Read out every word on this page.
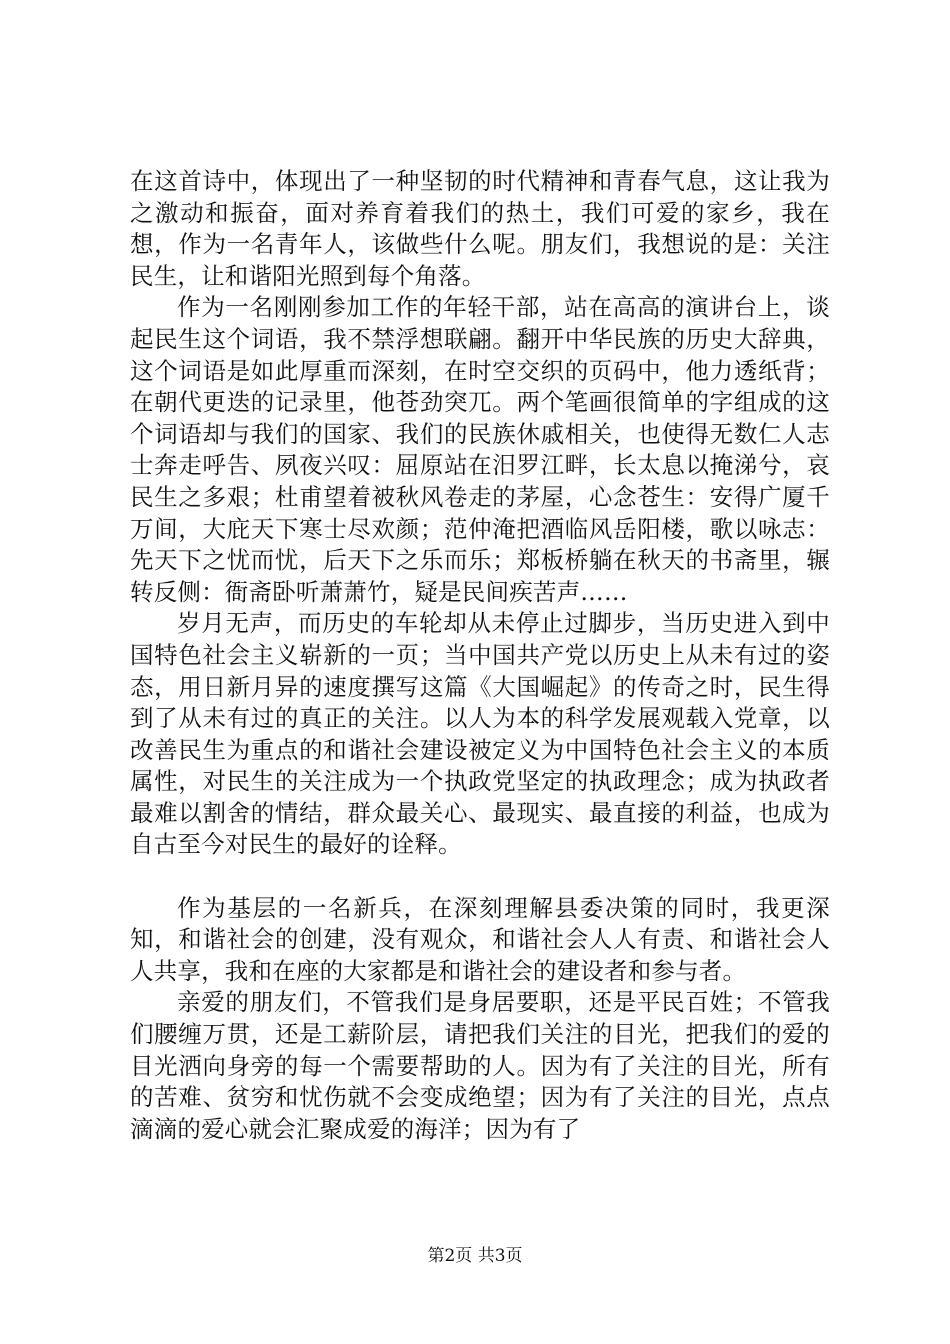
在这首诗中，体现出了一种坚韧的时代精神和青春气息，这让我为之激动和振奋，面对养育着我们的热土，我们可爱的家乡，我在想，作为一名青年人，该做些什么呢。朋友们，我想说的是：关注民生，让和谐阳光照到每个角落。

作为一名刚刚参加工作的年轻干部，站在高高的演讲台上，谈起民生这个词语，我不禁浮想联翩。翻开中华民族的历史大辞典，这个词语是如此厚重而深刻，在时空交织的页码中，他力透纸背；在朝代更迭的记录里，他苍劲突兀。两个笔画很简单的字组成的这个词语却与我们的国家、我们的民族休戚相关，也使得无数仁人志士奔走呼告、夙夜兴叹：屈原站在汨罗江畔，长太息以掩涕兮，哀民生之多艰；杜甫望着被秋风卷走的茅屋，心念苍生：安得广厦千万间，大庇天下寒士尽欢颜；范仲淹把酒临风岳阳楼，歌以咏志：先天下之忧而忧，后天下之乐而乐；郑板桥躺在秋天的书斋里，辗转反侧：衙斋卧听萧萧竹，疑是民间疾苦声……

岁月无声，而历史的车轮却从未停止过脚步，当历史进入到中国特色社会主义崭新的一页；当中国共产党以历史上从未有过的姿态，用日新月异的速度撰写这篇《大国崛起》的传奇之时，民生得到了从未有过的真正的关注。以人为本的科学发展观载入党章，以改善民生为重点的和谐社会建设被定义为中国特色社会主义的本质属性，对民生的关注成为一个执政党坚定的执政理念；成为执政者最难以割舍的情结，群众最关心、最现实、最直接的利益，也成为自古至今对民生的最好的诠释。

作为基层的一名新兵，在深刻理解县委决策的同时，我更深知，和谐社会的创建，没有观众，和谐社会人人有责、和谐社会人人共享，我和在座的大家都是和谐社会的建设者和参与者。

亲爱的朋友们，不管我们是身居要职，还是平民百姓；不管我们腰缠万贯，还是工薪阶层，请把我们关注的目光，把我们的爱的目光洒向身旁的每一个需要帮助的人。因为有了关注的目光，所有的苦难、贫穷和忧伤就不会变成绝望；因为有了关注的目光，点点滴滴的爱心就会汇聚成爱的海洋；因为有了

第2页 共3页
